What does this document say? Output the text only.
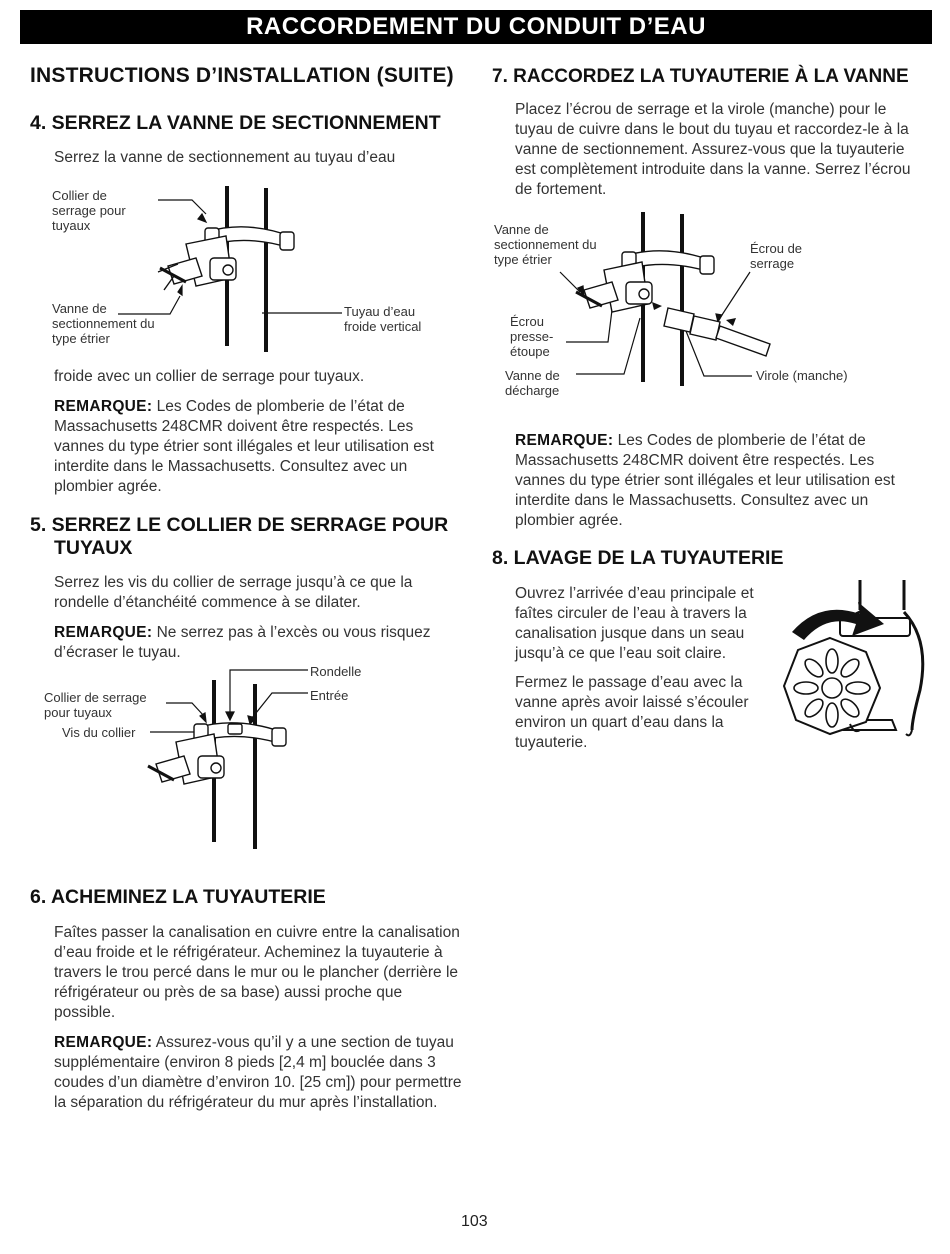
RACCORDEMENT DU CONDUIT D’EAU
INSTRUCTIONS D’INSTALLATION (SUITE)
4. SERREZ LA VANNE DE SECTIONNEMENT
Serrez la vanne de sectionnement au tuyau d’eau
Collier de serrage pour tuyaux
Vanne de sectionnement du type étrier
Tuyau d’eau froide vertical
froide avec un collier de serrage pour tuyaux.
REMARQUE: Les Codes de plomberie de l’état de Massachusetts 248CMR doivent être respectés. Les vannes du type étrier sont illégales et leur utilisation est interdite dans le Massachusetts. Consultez avec un plombier agrée.
5. SERREZ LE COLLIER DE SERRAGE POUR
TUYAUX
Serrez les vis du collier de serrage jusqu’à ce que la rondelle d’étanchéité commence à se dilater.
REMARQUE: Ne serrez pas à l’excès ou vous risquez d’écraser le tuyau.
Rondelle
Entrée
Collier de serrage pour tuyaux
Vis du collier
6. ACHEMINEZ LA TUYAUTERIE
Faîtes passer la canalisation en cuivre entre la canalisation d’eau froide et le réfrigérateur. Acheminez la tuyauterie à travers le trou percé dans le mur ou le plancher (derrière le réfrigérateur ou près de sa base) aussi proche que possible.
REMARQUE: Assurez-vous qu’il y a une section de tuyau supplémentaire (environ 8 pieds [2,4 m] bouclée dans 3 coudes d’un diamètre d’environ 10. [25 cm]) pour permettre la séparation du réfrigérateur du mur après l’installation.
7. RACCORDEZ LA TUYAUTERIE À LA VANNE
Placez l’écrou de serrage et la virole (manche) pour le tuyau de cuivre dans le bout du tuyau et raccordez-le à la vanne de sectionnement. Assurez-vous que la tuyauterie est complètement introduite dans la vanne. Serrez l’écrou de fortement.
Vanne de sectionnement du type étrier
Écrou de serrage
Écrou presse- étoupe
Vanne de décharge
Virole (manche)
REMARQUE: Les Codes de plomberie de l’état de Massachusetts 248CMR doivent être respectés. Les vannes du type étrier sont illégales et leur utilisation est interdite dans le Massachusetts. Consultez avec un plombier agrée.
8. LAVAGE DE LA TUYAUTERIE
Ouvrez l’arrivée d’eau principale et faîtes circuler de l’eau à travers la canalisation jusque dans un seau jusqu’à ce que l’eau soit claire.
Fermez le passage d’eau avec la vanne après avoir laissé s’écouler environ un quart d’eau dans la tuyauterie.
103
